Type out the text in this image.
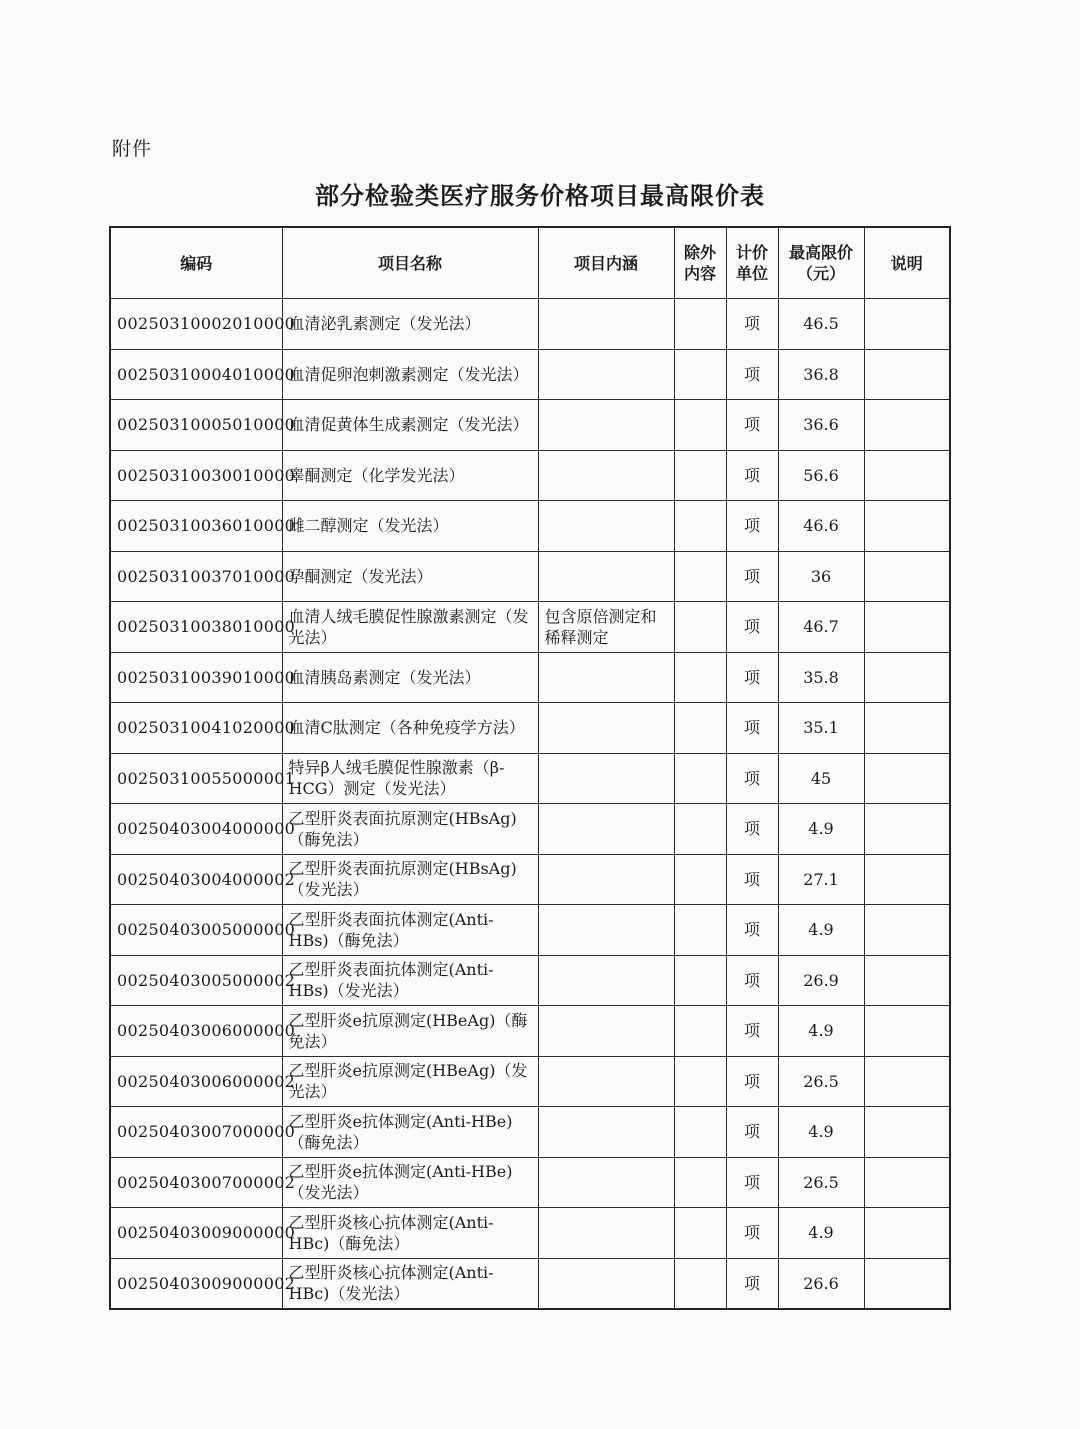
附件
部分检验类医疗服务价格项目最高限价表
编码	项目名称	项目内涵	除外内容	计价单位	最高限价（元）	说明
00250310002010000	血清泌乳素测定（发光法）			项	46.5	
00250310004010000	血清促卵泡刺激素测定（发光法）			项	36.8	
00250310005010000	血清促黄体生成素测定（发光法）			项	36.6	
00250310030010000	睾酮测定（化学发光法）			项	56.6	
00250310036010000	雌二醇测定（发光法）			项	46.6	
00250310037010000	孕酮测定（发光法）			项	36	
00250310038010000	血清人绒毛膜促性腺激素测定（发光法）	包含原倍测定和稀释测定		项	46.7	
00250310039010000	血清胰岛素测定（发光法）			项	35.8	
00250310041020000	血清C肽测定（各种免疫学方法）			项	35.1	
00250310055000001	特异β人绒毛膜促性腺激素（β-HCG）测定（发光法）			项	45	
00250403004000000	乙型肝炎表面抗原测定(HBsAg)（酶免法）			项	4.9	
00250403004000002	乙型肝炎表面抗原测定(HBsAg)（发光法）			项	27.1	
00250403005000000	乙型肝炎表面抗体测定(Anti-HBs)（酶免法）			项	4.9	
00250403005000002	乙型肝炎表面抗体测定(Anti-HBs)（发光法）			项	26.9	
00250403006000000	乙型肝炎e抗原测定(HBeAg)（酶免法）			项	4.9	
00250403006000002	乙型肝炎e抗原测定(HBeAg)（发光法）			项	26.5	
00250403007000000	乙型肝炎e抗体测定(Anti-HBe)（酶免法）			项	4.9	
00250403007000002	乙型肝炎e抗体测定(Anti-HBe)（发光法）			项	26.5	
00250403009000000	乙型肝炎核心抗体测定(Anti-HBc)（酶免法）			项	4.9	
00250403009000002	乙型肝炎核心抗体测定(Anti-HBc)（发光法）			项	26.6	
